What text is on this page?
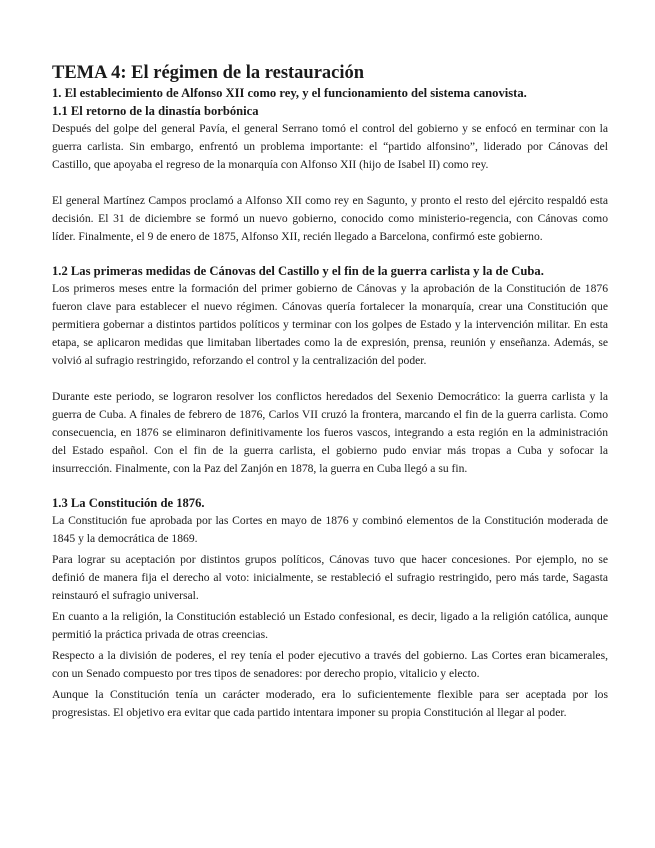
TEMA 4: El régimen de la restauración
1. El establecimiento de Alfonso XII como rey, y el funcionamiento del sistema canovista.
1.1 El retorno de la dinastía borbónica

Después del golpe del general Pavía, el general Serrano tomó el control del gobierno y se enfocó en terminar con la guerra carlista. Sin embargo, enfrentó un problema importante: el “partido alfonsino”, liderado por Cánovas del Castillo, que apoyaba el regreso de la monarquía con Alfonso XII (hijo de Isabel II) como rey.

El general Martínez Campos proclamó a Alfonso XII como rey en Sagunto, y pronto el resto del ejército respaldó esta decisión. El 31 de diciembre se formó un nuevo gobierno, conocido como ministerio-regencia, con Cánovas como líder. Finalmente, el 9 de enero de 1875, Alfonso XII, recién llegado a Barcelona, confirmó este gobierno.

1.2 Las primeras medidas de Cánovas del Castillo y el fin de la guerra carlista y la de Cuba.

Los primeros meses entre la formación del primer gobierno de Cánovas y la aprobación de la Constitución de 1876 fueron clave para establecer el nuevo régimen. Cánovas quería fortalecer la monarquía, crear una Constitución que permitiera gobernar a distintos partidos políticos y terminar con los golpes de Estado y la intervención militar. En esta etapa, se aplicaron medidas que limitaban libertades como la de expresión, prensa, reunión y enseñanza. Además, se volvió al sufragio restringido, reforzando el control y la centralización del poder.

Durante este periodo, se lograron resolver los conflictos heredados del Sexenio Democrático: la guerra carlista y la guerra de Cuba. A finales de febrero de 1876, Carlos VII cruzó la frontera, marcando el fin de la guerra carlista. Como consecuencia, en 1876 se eliminaron definitivamente los fueros vascos, integrando a esta región en la administración del Estado español. Con el fin de la guerra carlista, el gobierno pudo enviar más tropas a Cuba y sofocar la insurrección. Finalmente, con la Paz del Zanjón en 1878, la guerra en Cuba llegó a su fin.

1.3 La Constitución de 1876.

La Constitución fue aprobada por las Cortes en mayo de 1876 y combinó elementos de la Constitución moderada de 1845 y la democrática de 1869.

Para lograr su aceptación por distintos grupos políticos, Cánovas tuvo que hacer concesiones. Por ejemplo, no se definió de manera fija el derecho al voto: inicialmente, se restableció el sufragio restringido, pero más tarde, Sagasta reinstauró el sufragio universal.

En cuanto a la religión, la Constitución estableció un Estado confesional, es decir, ligado a la religión católica, aunque permitió la práctica privada de otras creencias.

Respecto a la división de poderes, el rey tenía el poder ejecutivo a través del gobierno. Las Cortes eran bicamerales, con un Senado compuesto por tres tipos de senadores: por derecho propio, vitalicio y electo.

Aunque la Constitución tenía un carácter moderado, era lo suficientemente flexible para ser aceptada por los progresistas. El objetivo era evitar que cada partido intentara imponer su propia Constitución al llegar al poder.
